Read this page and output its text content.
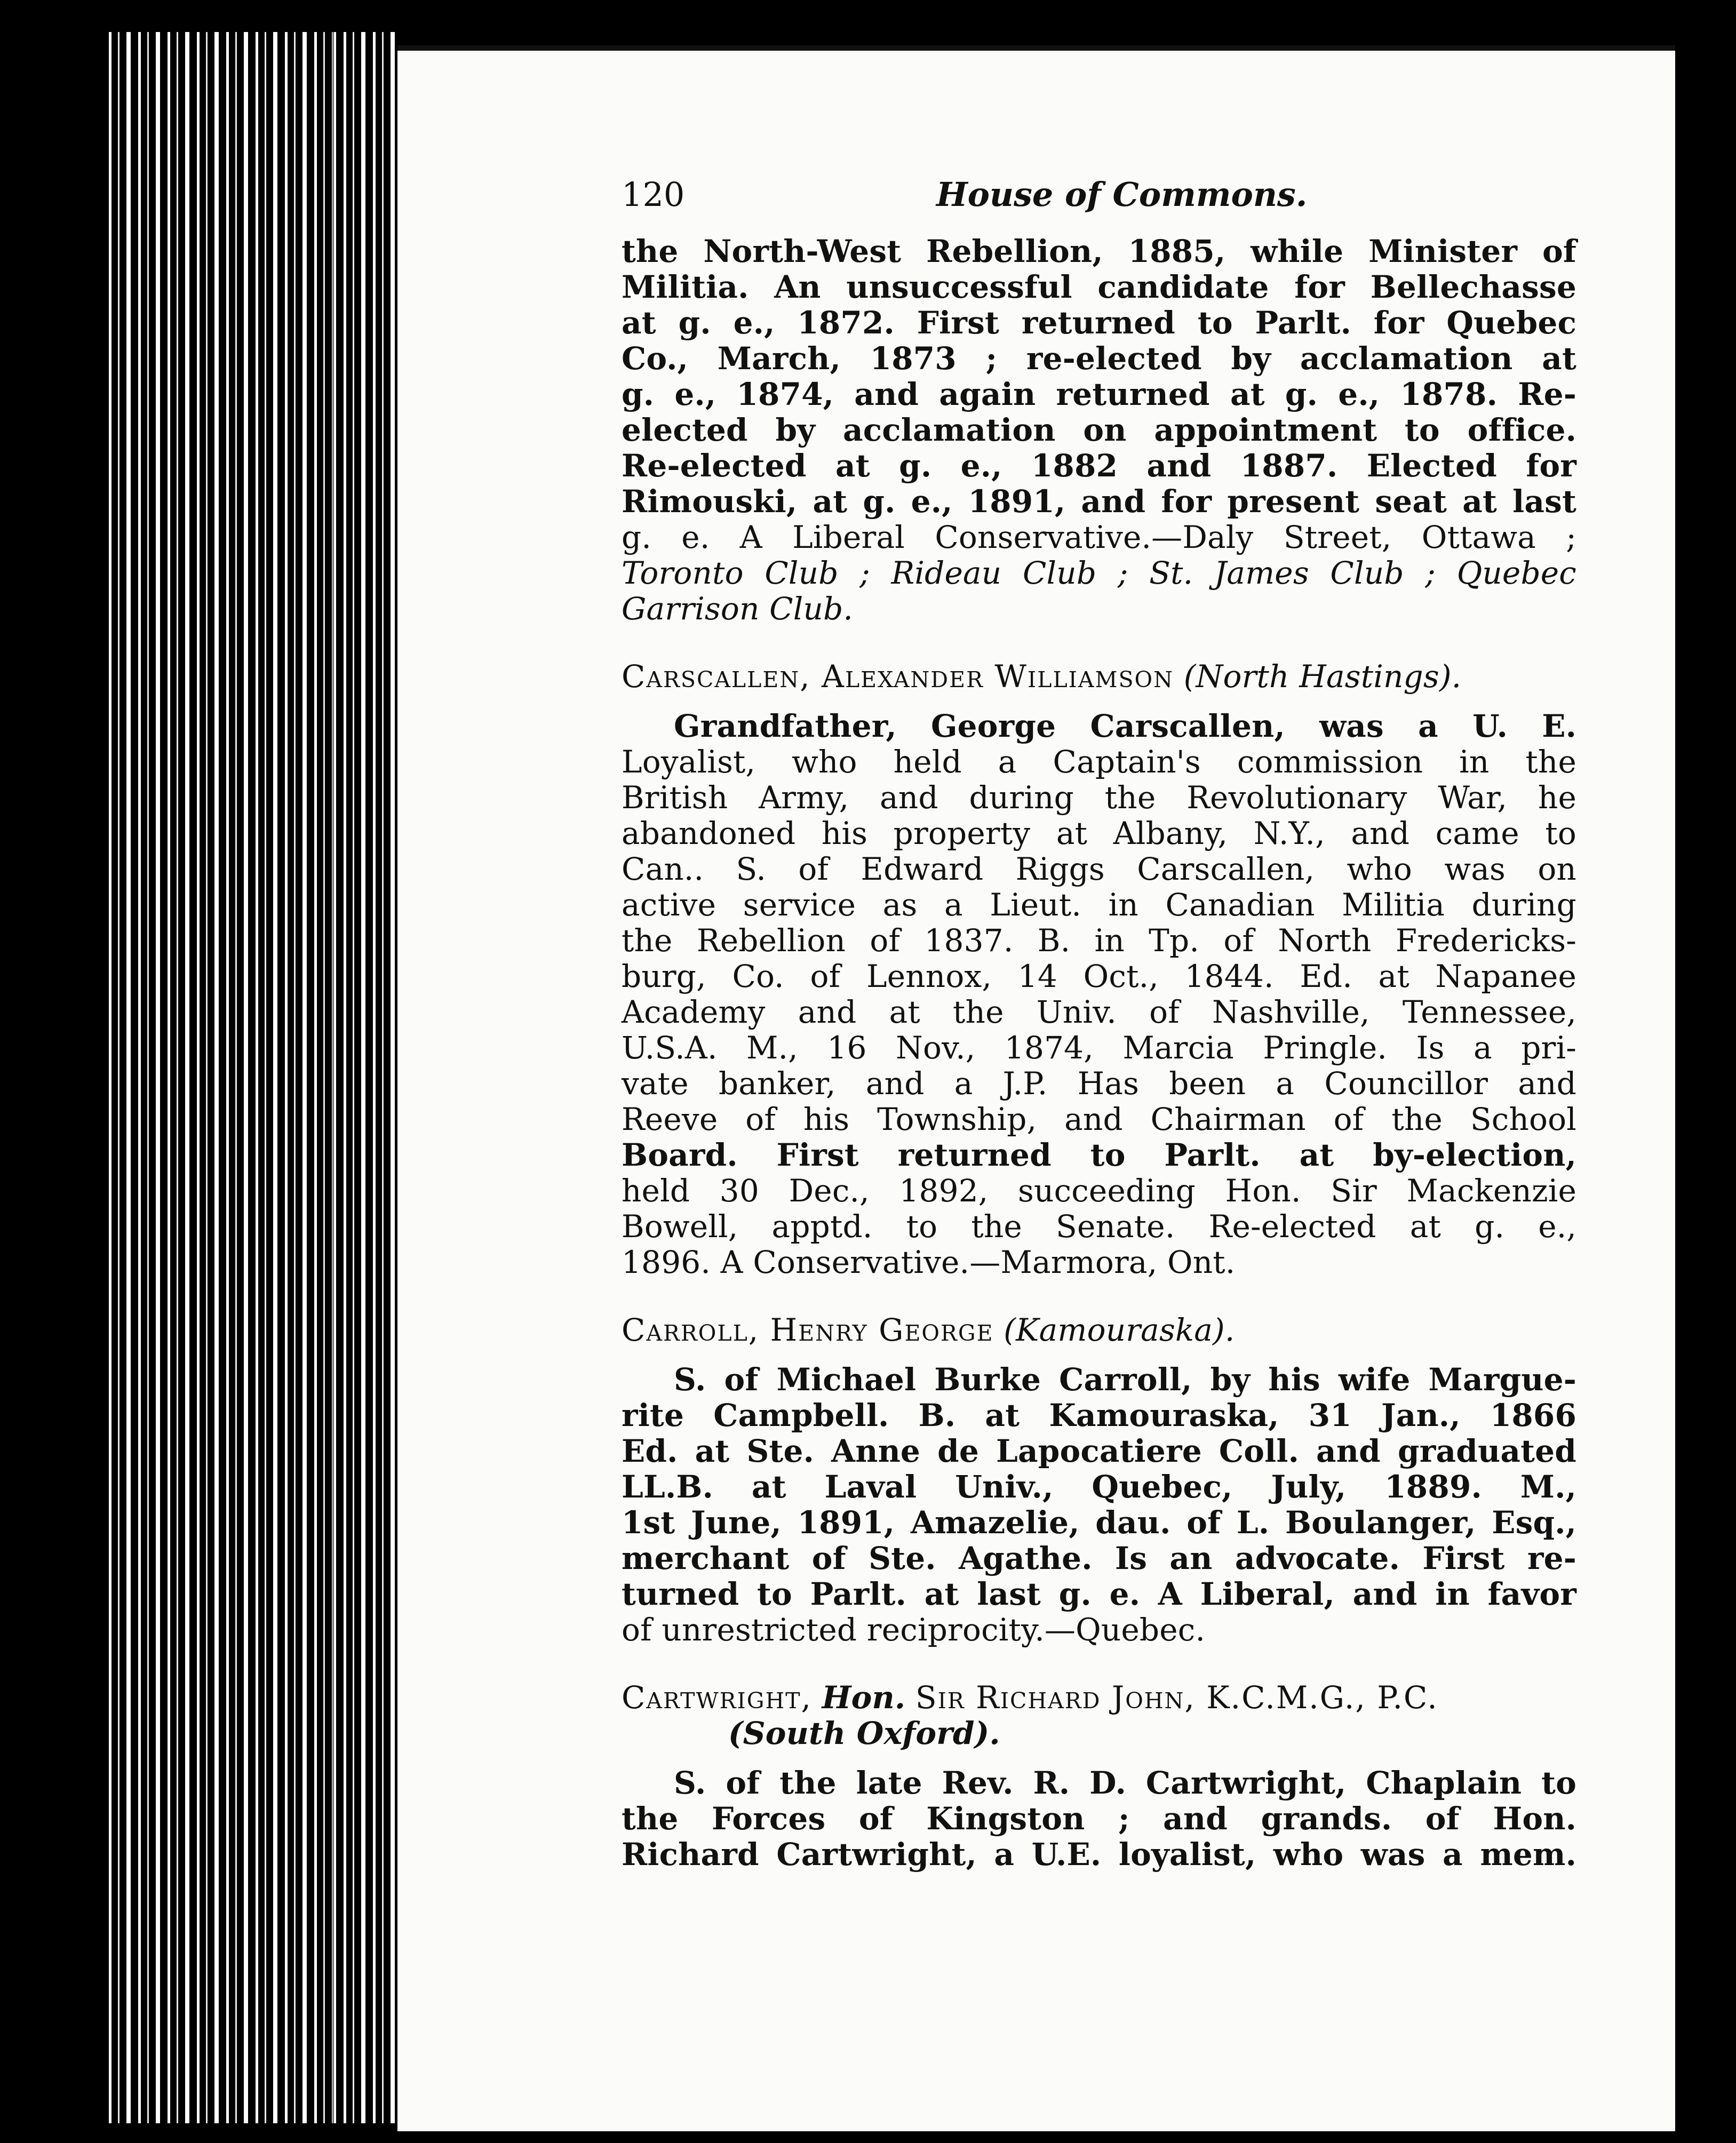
120	House of Commons.
the North-West Rebellion, 1885, while Minister of
Militia. An unsuccessful candidate for Bellechasse
at g. e., 1872. First returned to Parlt. for Quebec
Co., March, 1873 ; re-elected by acclamation at
g. e., 1874, and again returned at g. e., 1878. Re-
elected by acclamation on appointment to office.
Re-elected at g. e., 1882 and 1887. Elected for
Rimouski, at g. e., 1891, and for present seat at last
g. e. A Liberal Conservative.—Daly Street, Ottawa ;
Toronto Club ; Rideau Club ; St. James Club ; Quebec
Garrison Club.
Carscallen, Alexander Williamson (North Hastings).
Grandfather, George Carscallen, was a U. E.
Loyalist, who held a Captain's commission in the
British Army, and during the Revolutionary War, he
abandoned his property at Albany, N.Y., and came to
Can.. S. of Edward Riggs Carscallen, who was on
active service as a Lieut. in Canadian Militia during
the Rebellion of 1837. B. in Tp. of North Fredericks-
burg, Co. of Lennox, 14 Oct., 1844. Ed. at Napanee
Academy and at the Univ. of Nashville, Tennessee,
U.S.A. M., 16 Nov., 1874, Marcia Pringle. Is a pri-
vate banker, and a J.P. Has been a Councillor and
Reeve of his Township, and Chairman of the School
Board. First returned to Parlt. at by-election,
held 30 Dec., 1892, succeeding Hon. Sir Mackenzie
Bowell, apptd. to the Senate. Re-elected at g. e.,
1896. A Conservative.—Marmora, Ont.
Carroll, Henry George (Kamouraska).
S. of Michael Burke Carroll, by his wife Margue-
rite Campbell. B. at Kamouraska, 31 Jan., 1866
Ed. at Ste. Anne de Lapocatiere Coll. and graduated
LL.B. at Laval Univ., Quebec, July, 1889. M.,
1st June, 1891, Amazelie, dau. of L. Boulanger, Esq.,
merchant of Ste. Agathe. Is an advocate. First re-
turned to Parlt. at last g. e. A Liberal, and in favor
of unrestricted reciprocity.—Quebec.
Cartwright, Hon. Sir Richard John, K.C.M.G., P.C.
(South Oxford).
S. of the late Rev. R. D. Cartwright, Chaplain to
the Forces of Kingston ; and grands. of Hon.
Richard Cartwright, a U.E. loyalist, who was a mem.
